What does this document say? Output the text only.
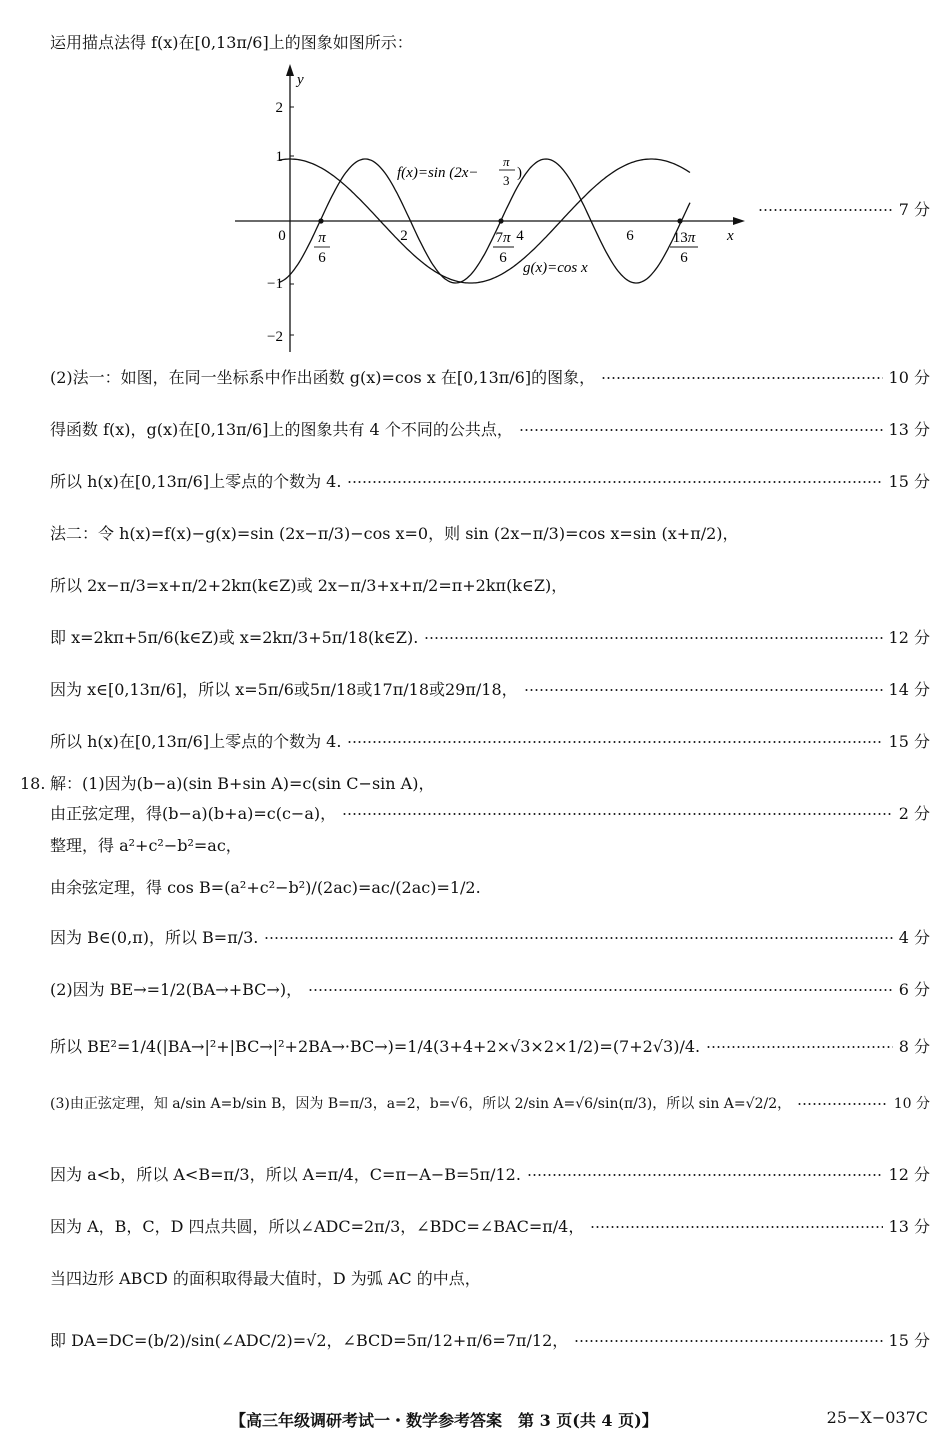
y
x
2
1
−1
−2
0	2	4	6
π
6
7π
6
13π
6
f(x)=sin (2x−
π
3 )
g(x)=cos x
7 分
运用描点法得 f(x)在[0,13π/6]上的图象如图所示：
(2)法一：如图，在同一坐标系中作出函数 g(x)=cos x 在[0,13π/6]的图象，	10 分
得函数 f(x)，g(x)在[0,13π/6]上的图象共有 4 个不同的公共点，	13 分
所以 h(x)在[0,13π/6]上零点的个数为 4.	15 分
法二：令 h(x)=f(x)−g(x)=sin (2x−π/3)−cos x=0，则 sin (2x−π/3)=cos x=sin (x+π/2)，
所以 2x−π/3=x+π/2+2kπ(k∈Z)或 2x−π/3+x+π/2=π+2kπ(k∈Z)，
即 x=2kπ+5π/6(k∈Z)或 x=2kπ/3+5π/18(k∈Z).	12 分
因为 x∈[0,13π/6]，所以 x=5π/6或5π/18或17π/18或29π/18，	14 分
所以 h(x)在[0,13π/6]上零点的个数为 4.	15 分
18. 解：(1)因为(b−a)(sin B+sin A)=c(sin C−sin A)，
由正弦定理，得(b−a)(b+a)=c(c−a)，	2 分
整理，得 a²+c²−b²=ac，
由余弦定理，得 cos B=(a²+c²−b²)/(2ac)=ac/(2ac)=1/2.
因为 B∈(0,π)，所以 B=π/3.	4 分
(2)因为 BE→=1/2(BA→+BC→)，	6 分
所以 BE²=1/4(|BA→|²+|BC→|²+2BA→·BC→)=1/4(3+4+2×√3×2×1/2)=(7+2√3)/4.	8 分
(3)由正弦定理，知 a/sin A=b/sin B，因为 B=π/3，a=2，b=√6，所以 2/sin A=√6/sin(π/3)，所以 sin A=√2/2，	10 分
因为 a<b，所以 A<B=π/3，所以 A=π/4，C=π−A−B=5π/12.	12 分
因为 A，B，C，D 四点共圆，所以∠ADC=2π/3，∠BDC=∠BAC=π/4，	13 分
当四边形 ABCD 的面积取得最大值时，D 为弧 AC 的中点，
即 DA=DC=(b/2)/sin(∠ADC/2)=√2，∠BCD=5π/12+π/6=7π/12，	15 分
【高三年级调研考试一・数学参考答案　第 3 页(共 4 页)】	25−X−037C
